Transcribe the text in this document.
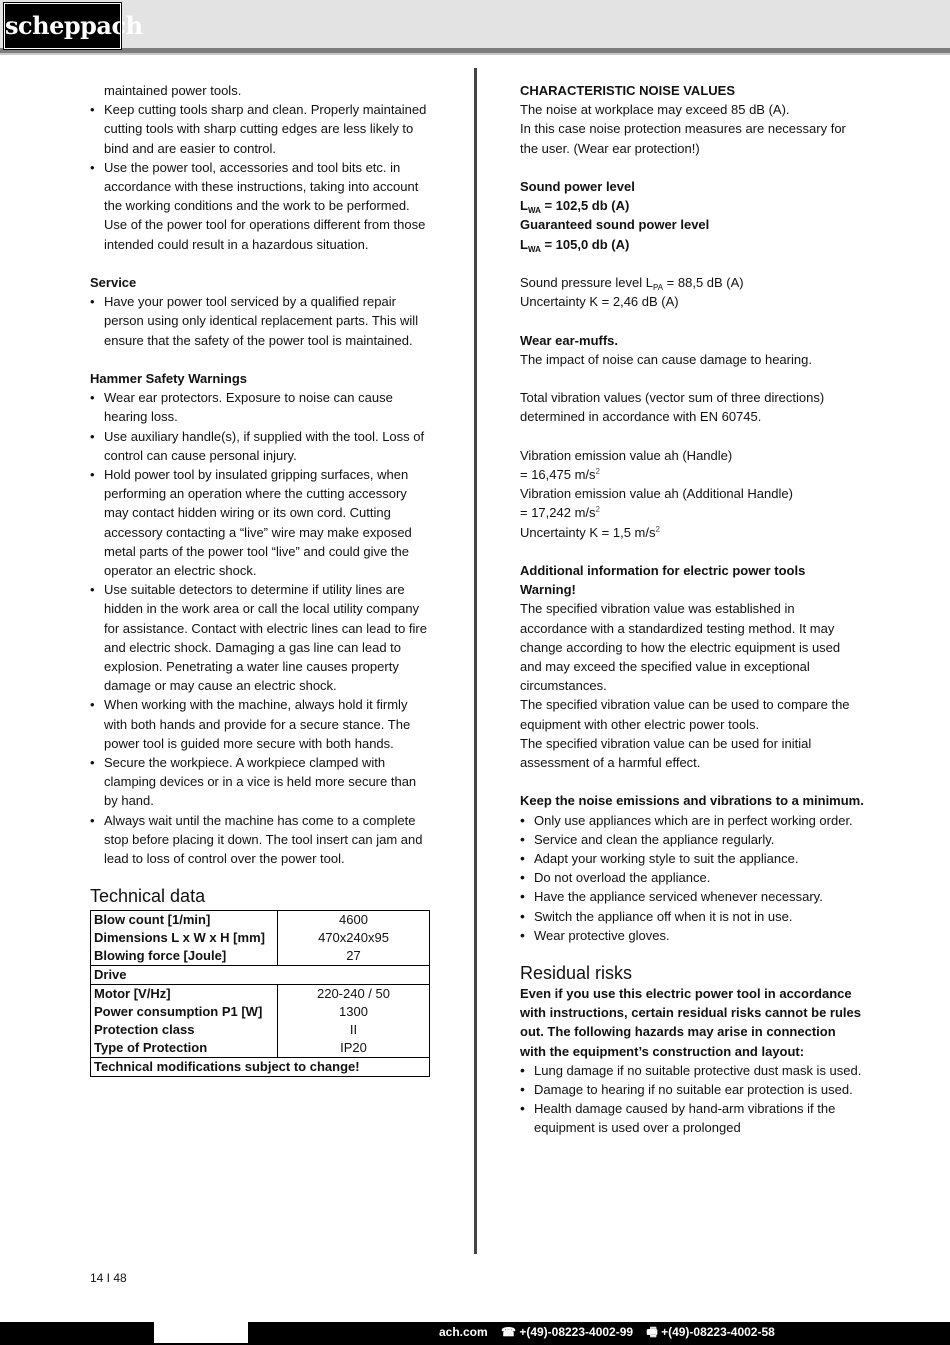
scheppach

maintained power tools.

• Keep cutting tools sharp and clean. Properly maintained cutting tools with sharp cutting edges are less likely to bind and are easier to control.
• Use the power tool, accessories and tool bits etc. in accordance with these instructions, taking into account the working conditions and the work to be performed. Use of the power tool for operations different from those intended could result in a hazardous situation.

Service

• Have your power tool serviced by a qualified repair person using only identical replacement parts. This will ensure that the safety of the power tool is maintained.

Hammer Safety Warnings

• Wear ear protectors. Exposure to noise can cause hearing loss.
• Use auxiliary handle(s), if supplied with the tool. Loss of control can cause personal injury.
• Hold power tool by insulated gripping surfaces, when performing an operation where the cutting accessory may contact hidden wiring or its own cord. Cutting accessory contacting a “live” wire may make exposed metal parts of the power tool “live” and could give the operator an electric shock.
• Use suitable detectors to determine if utility lines are hidden in the work area or call the local utility company for assistance. Contact with electric lines can lead to fire and electric shock. Damaging a gas line can lead to explosion. Penetrating a water line causes property damage or may cause an electric shock.
• When working with the machine, always hold it firmly with both hands and provide for a secure stance. The power tool is guided more secure with both hands.
• Secure the workpiece. A workpiece clamped with clamping devices or in a vice is held more secure than by hand.
• Always wait until the machine has come to a complete stop before placing it down. The tool insert can jam and lead to loss of control over the power tool.

Technical data

Blow count [1/min]	4600
Dimensions L x W x H [mm]	470x240x95
Blowing force [Joule]	27
Drive	
Motor [V/Hz]	220-240 / 50
Power consumption P1 [W]	1300
Protection class	II
Type of Protection	IP20
Technical modifications subject to change!	

CHARACTERISTIC NOISE VALUES

The noise at workplace may exceed 85 dB (A).

In this case noise protection measures are necessary for the user. (Wear ear protection!)

Sound power level

$L_{WA} = 102,5$ db (A)

Guaranteed sound power level

$L_{WA} = 105,0$ db (A)

Sound pressure level $L_{PA} = 88,5$ dB (A)

Uncertainty K = 2,46 dB (A)

Wear ear-muffs.

The impact of noise can cause damage to hearing.

Total vibration values (vector sum of three directions) determined in accordance with EN 60745.

Vibration emission value ah (Handle)

= 16,475 $m/s^2$

Vibration emission value ah (Additional Handle)

= 17,242 $m/s^2$

Uncertainty K = 1,5 $m/s^2$

Additional information for electric power tools

Warning!

The specified vibration value was established in accordance with a standardized testing method. It may change according to how the electric equipment is used and may exceed the specified value in exceptional circumstances.

The specified vibration value can be used to compare the equipment with other electric power tools.

The specified vibration value can be used for initial assessment of a harmful effect.

Keep the noise emissions and vibrations to a minimum.

• Only use appliances which are in perfect working order.
• Service and clean the appliance regularly.
• Adapt your working style to suit the appliance.
• Do not overload the appliance.
• Have the appliance serviced whenever necessary.
• Switch the appliance off when it is not in use.
• Wear protective gloves.

Residual risks

Even if you use this electric power tool in accordance with instructions, certain residual risks cannot be rules out. The following hazards may arise in connection with the equipment’s construction and layout:

• Lung damage if no suitable protective dust mask is used.
• Damage to hearing if no suitable ear protection is used.
• Health damage caused by hand-arm vibrations if the equipment is used over a prolonged
14 I 48
ach.com ☎ +(49)-08223-4002-99 🖷 +(49)-08223-4002-58
